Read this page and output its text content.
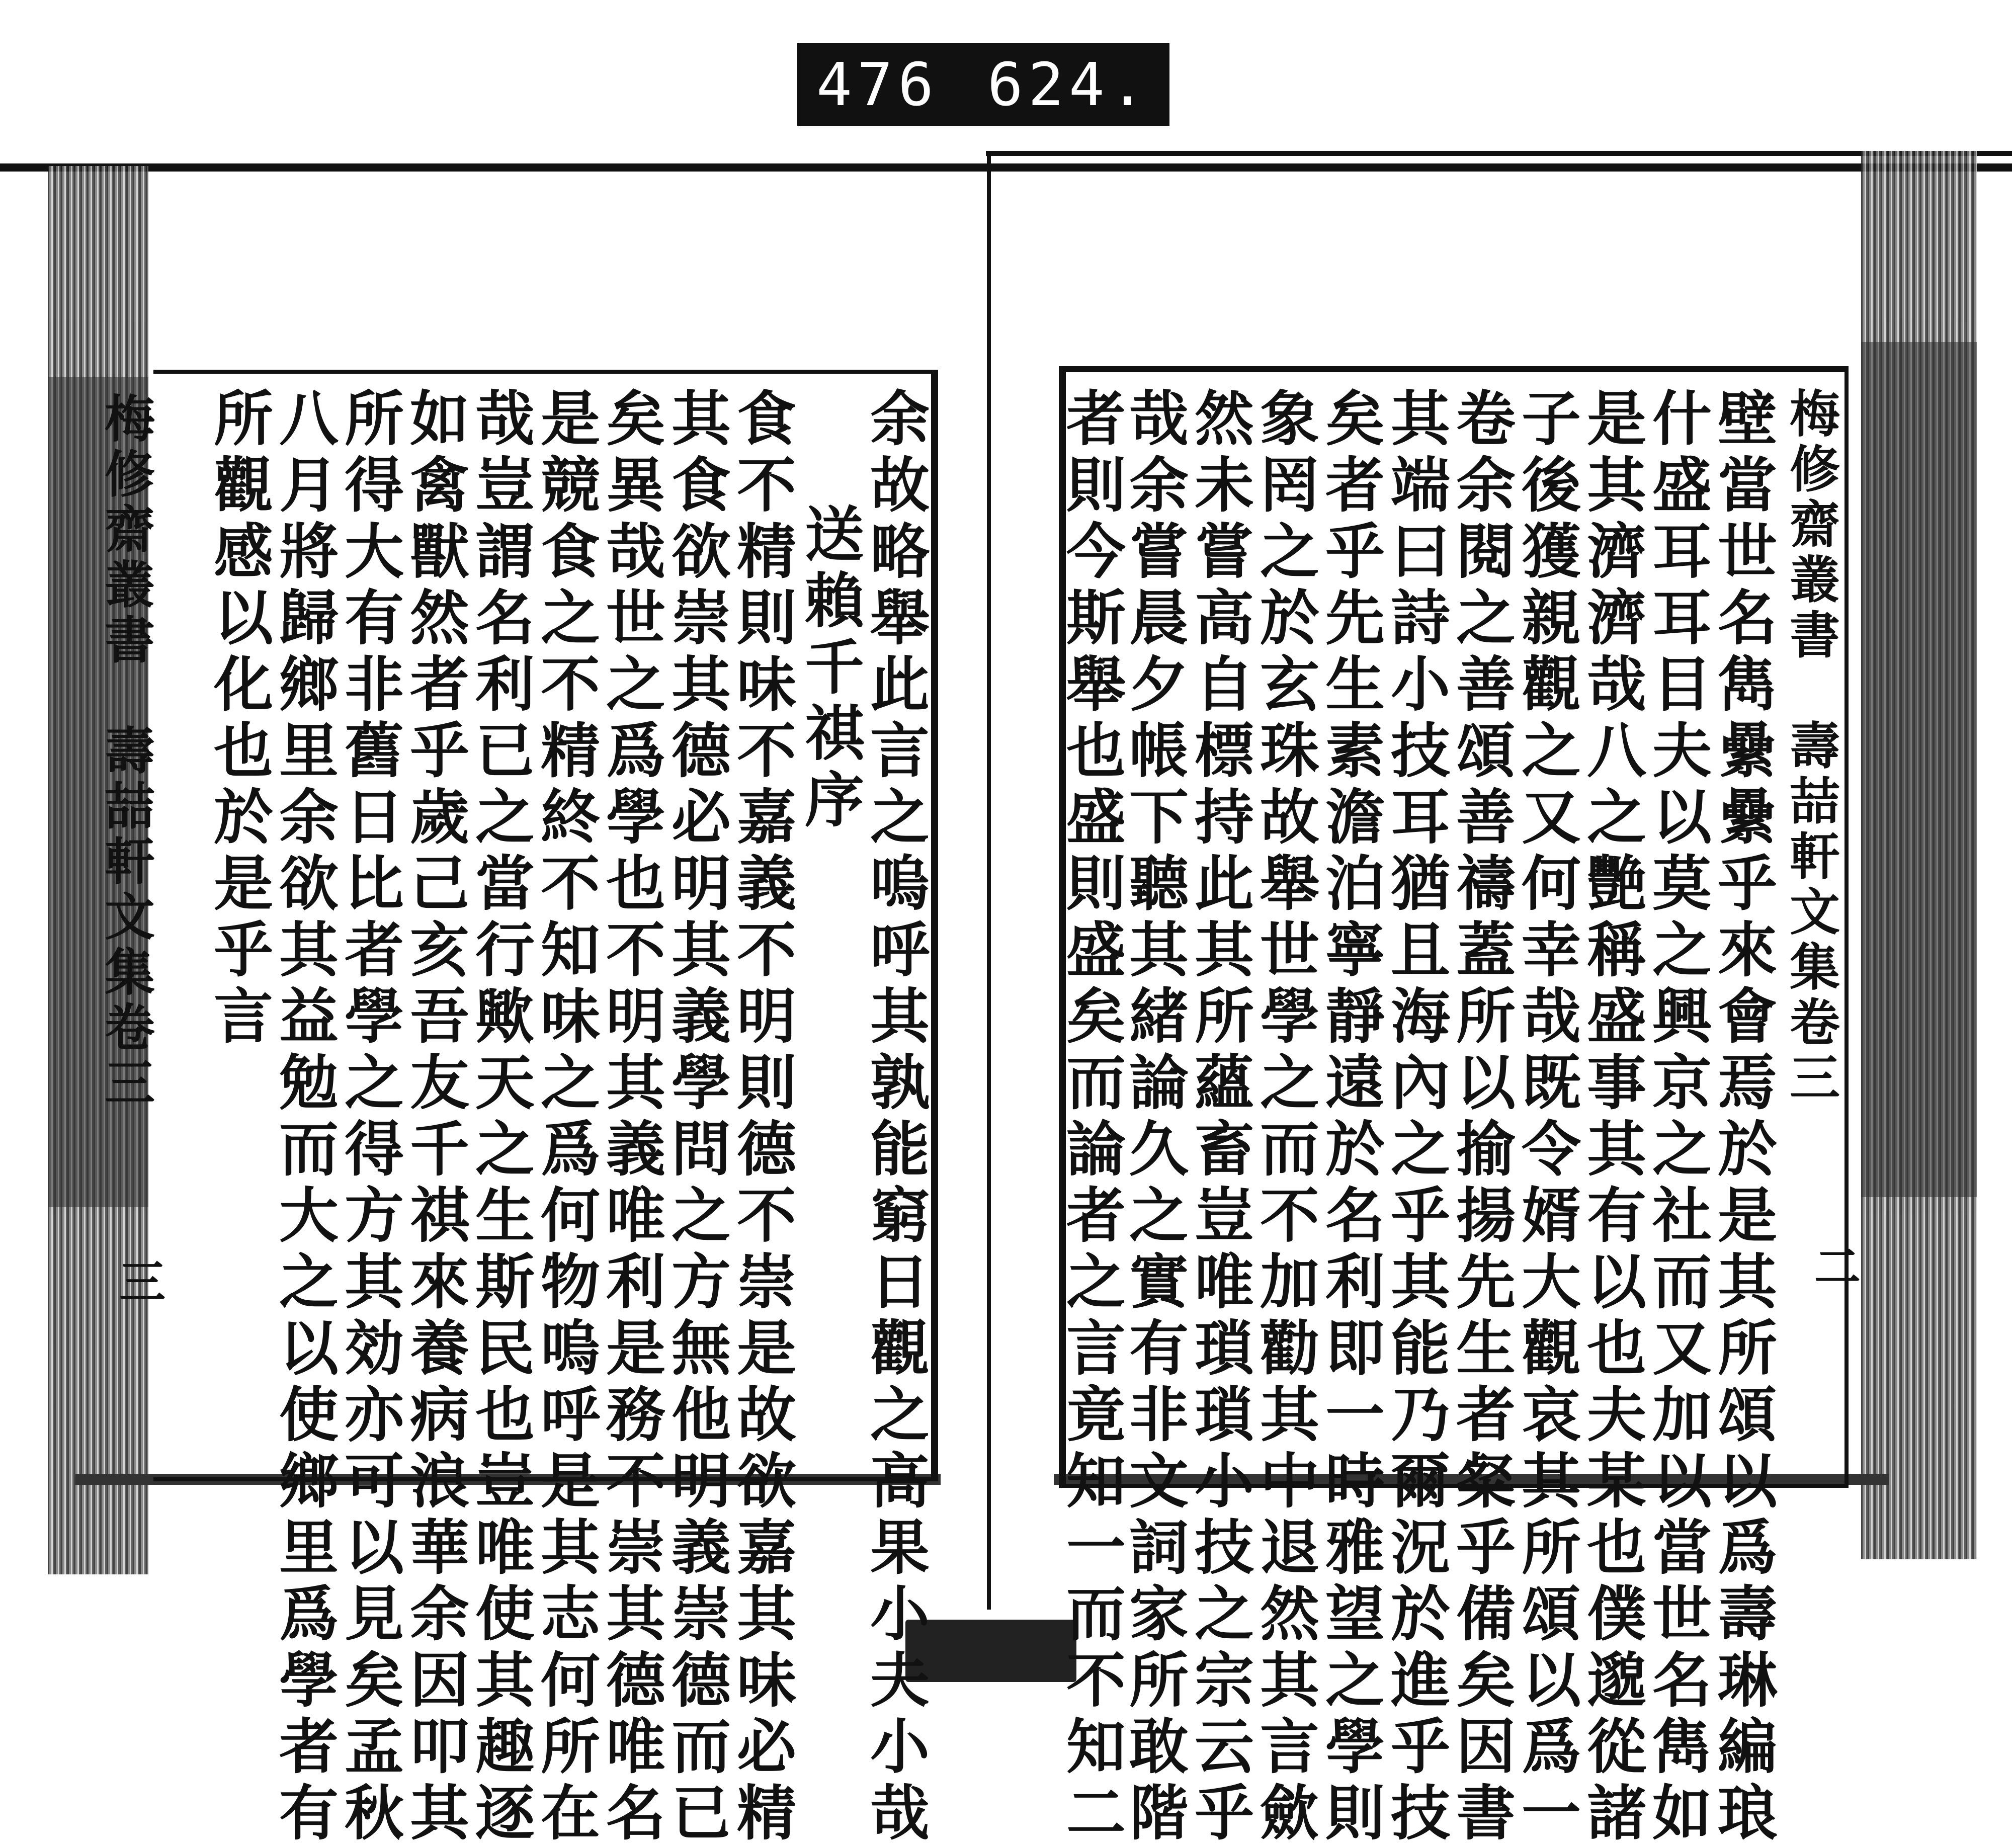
476 624.
梅修齋叢書　壽喆軒文集卷三
二
壁當世名雋纍纍乎來會焉於是其所頌以爲壽琳編琅
什盛耳耳目夫以莫之興京之社而又加以當世名雋如
是其濟濟哉八之艷稱盛事其有以也夫某也僕邈從諸
子後獲親觀之又何幸哉既令婿大觀哀其所頌以爲一
卷余閱之善頌善禱蓋所以揄揚先生者粲乎備矣因書
其端曰詩小技耳猶且海內之乎其能乃爾況於進乎技
矣者乎先生素澹泊寧靜遠於名利即一時雅望之學則
象罔之於玄珠故舉世學之而不加勸其中退然其言歛
然未嘗高自標持此其所蘊畜豈唯瑣瑣小技之宗云乎
哉余嘗晨夕帳下聽其緒論久之實有非文詞家所敢階
者則今斯舉也盛則盛矣而論者之言竟知一而不知二
余故略舉此言之嗚呼其孰能窮日觀之高果小夫小哉
送賴千祺序
食不精則味不嘉義不明則德不崇是故欲嘉其味必精
其食欲崇其德必明其義學問之方無他明義崇德而已
矣異哉世之爲學也不明其義唯利是務不崇其德唯名
是競食之不精終不知味之爲何物嗚呼是其志何所在
哉豈謂名利已之當行歟天之生斯民也豈唯使其趣逐
如禽獸然者乎歲己亥吾友千祺來養病浪華余因叩其
所得大有非舊日比者學之得方其効亦可以見矣孟秋
八月將歸鄉里余欲其益勉而大之以使鄉里爲學者有
所觀感以化也於是乎言
梅修齋叢書　壽喆軒文集卷三
三
